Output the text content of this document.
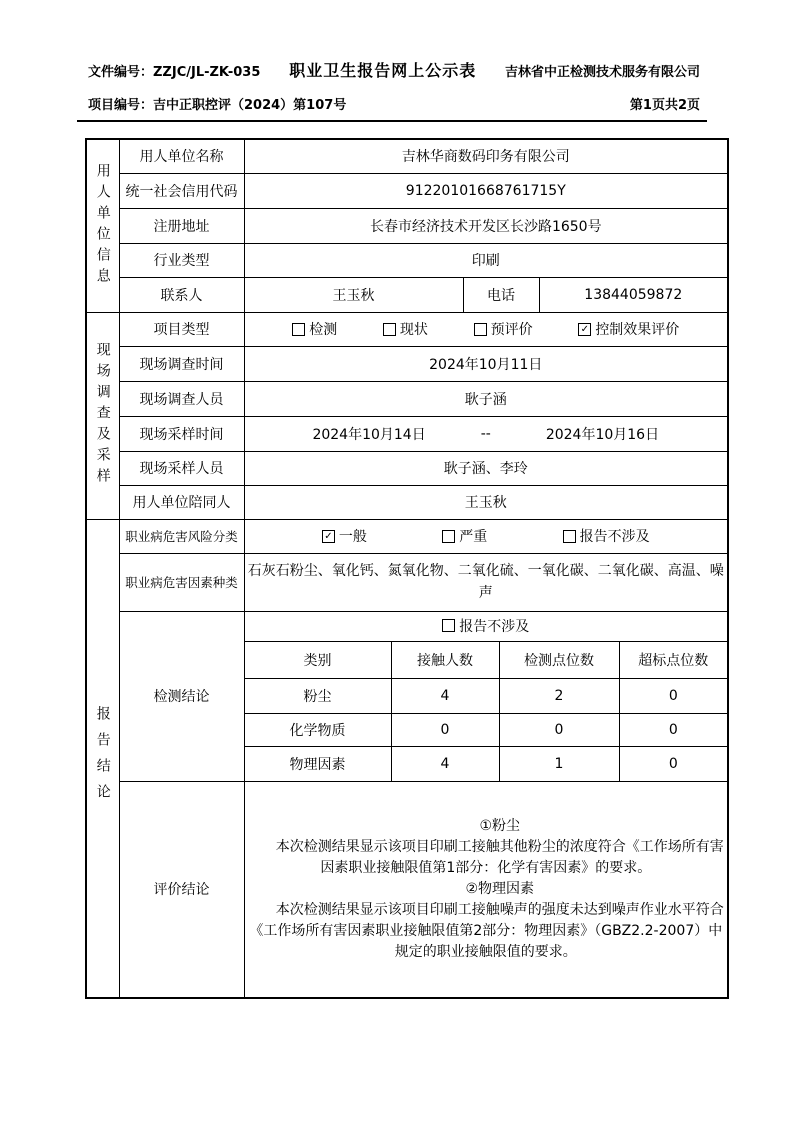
文件编号：ZZJC/JL-ZK-035 职业卫生报告网上公示表 吉林省中正检测技术服务有限公司
项目编号：吉中正职控评（2024）第107号	第1页共2页
用人单位信息	用人单位名称	吉林华商数码印务有限公司					
	统一社会信用代码	91220101668761715Y					
	注册地址	长春市经济技术开发区长沙路1650号					
	行业类型	印刷					
	联系人	王玉秋		电话		13844059872	
现场调查及采样	项目类型	检测 现状 预评价 ✓ 控制效果评价					

	现场调查时间	2024年10月11日					
	现场调查人员	耿子涵					
	现场采样时间	2024年10月14日 -- 2024年10月16日					

	现场采样人员	耿子涵、李玲					
	用人单位陪同人	王玉秋					
报告结论	职业病危害风险分类	✓ 一般 严重 报告不涉及					

	职业病危害因素种类	石灰石粉尘、氧化钙、氮氧化物、二氧化硫、一氧化碳、二氧化碳、高温、噪声					
	检测结论	报告不涉及					

		类别	接触人数		检测点位数		超标点位数
		粉尘	4		2		0
		化学物质	0		0		0
		物理因素	4		1		0
	评价结论	①粉尘

本次检测结果显示该项目印刷工接触其他粉尘的浓度符合《工作场所有害因素职业接触限值第1部分：化学有害因素》的要求。

②物理因素

本次检测结果显示该项目印刷工接触噪声的强度未达到噪声作业水平符合《工作场所有害因素职业接触限值第2部分：物理因素》（GBZ2.2-2007）中规定的职业接触限值的要求。					
